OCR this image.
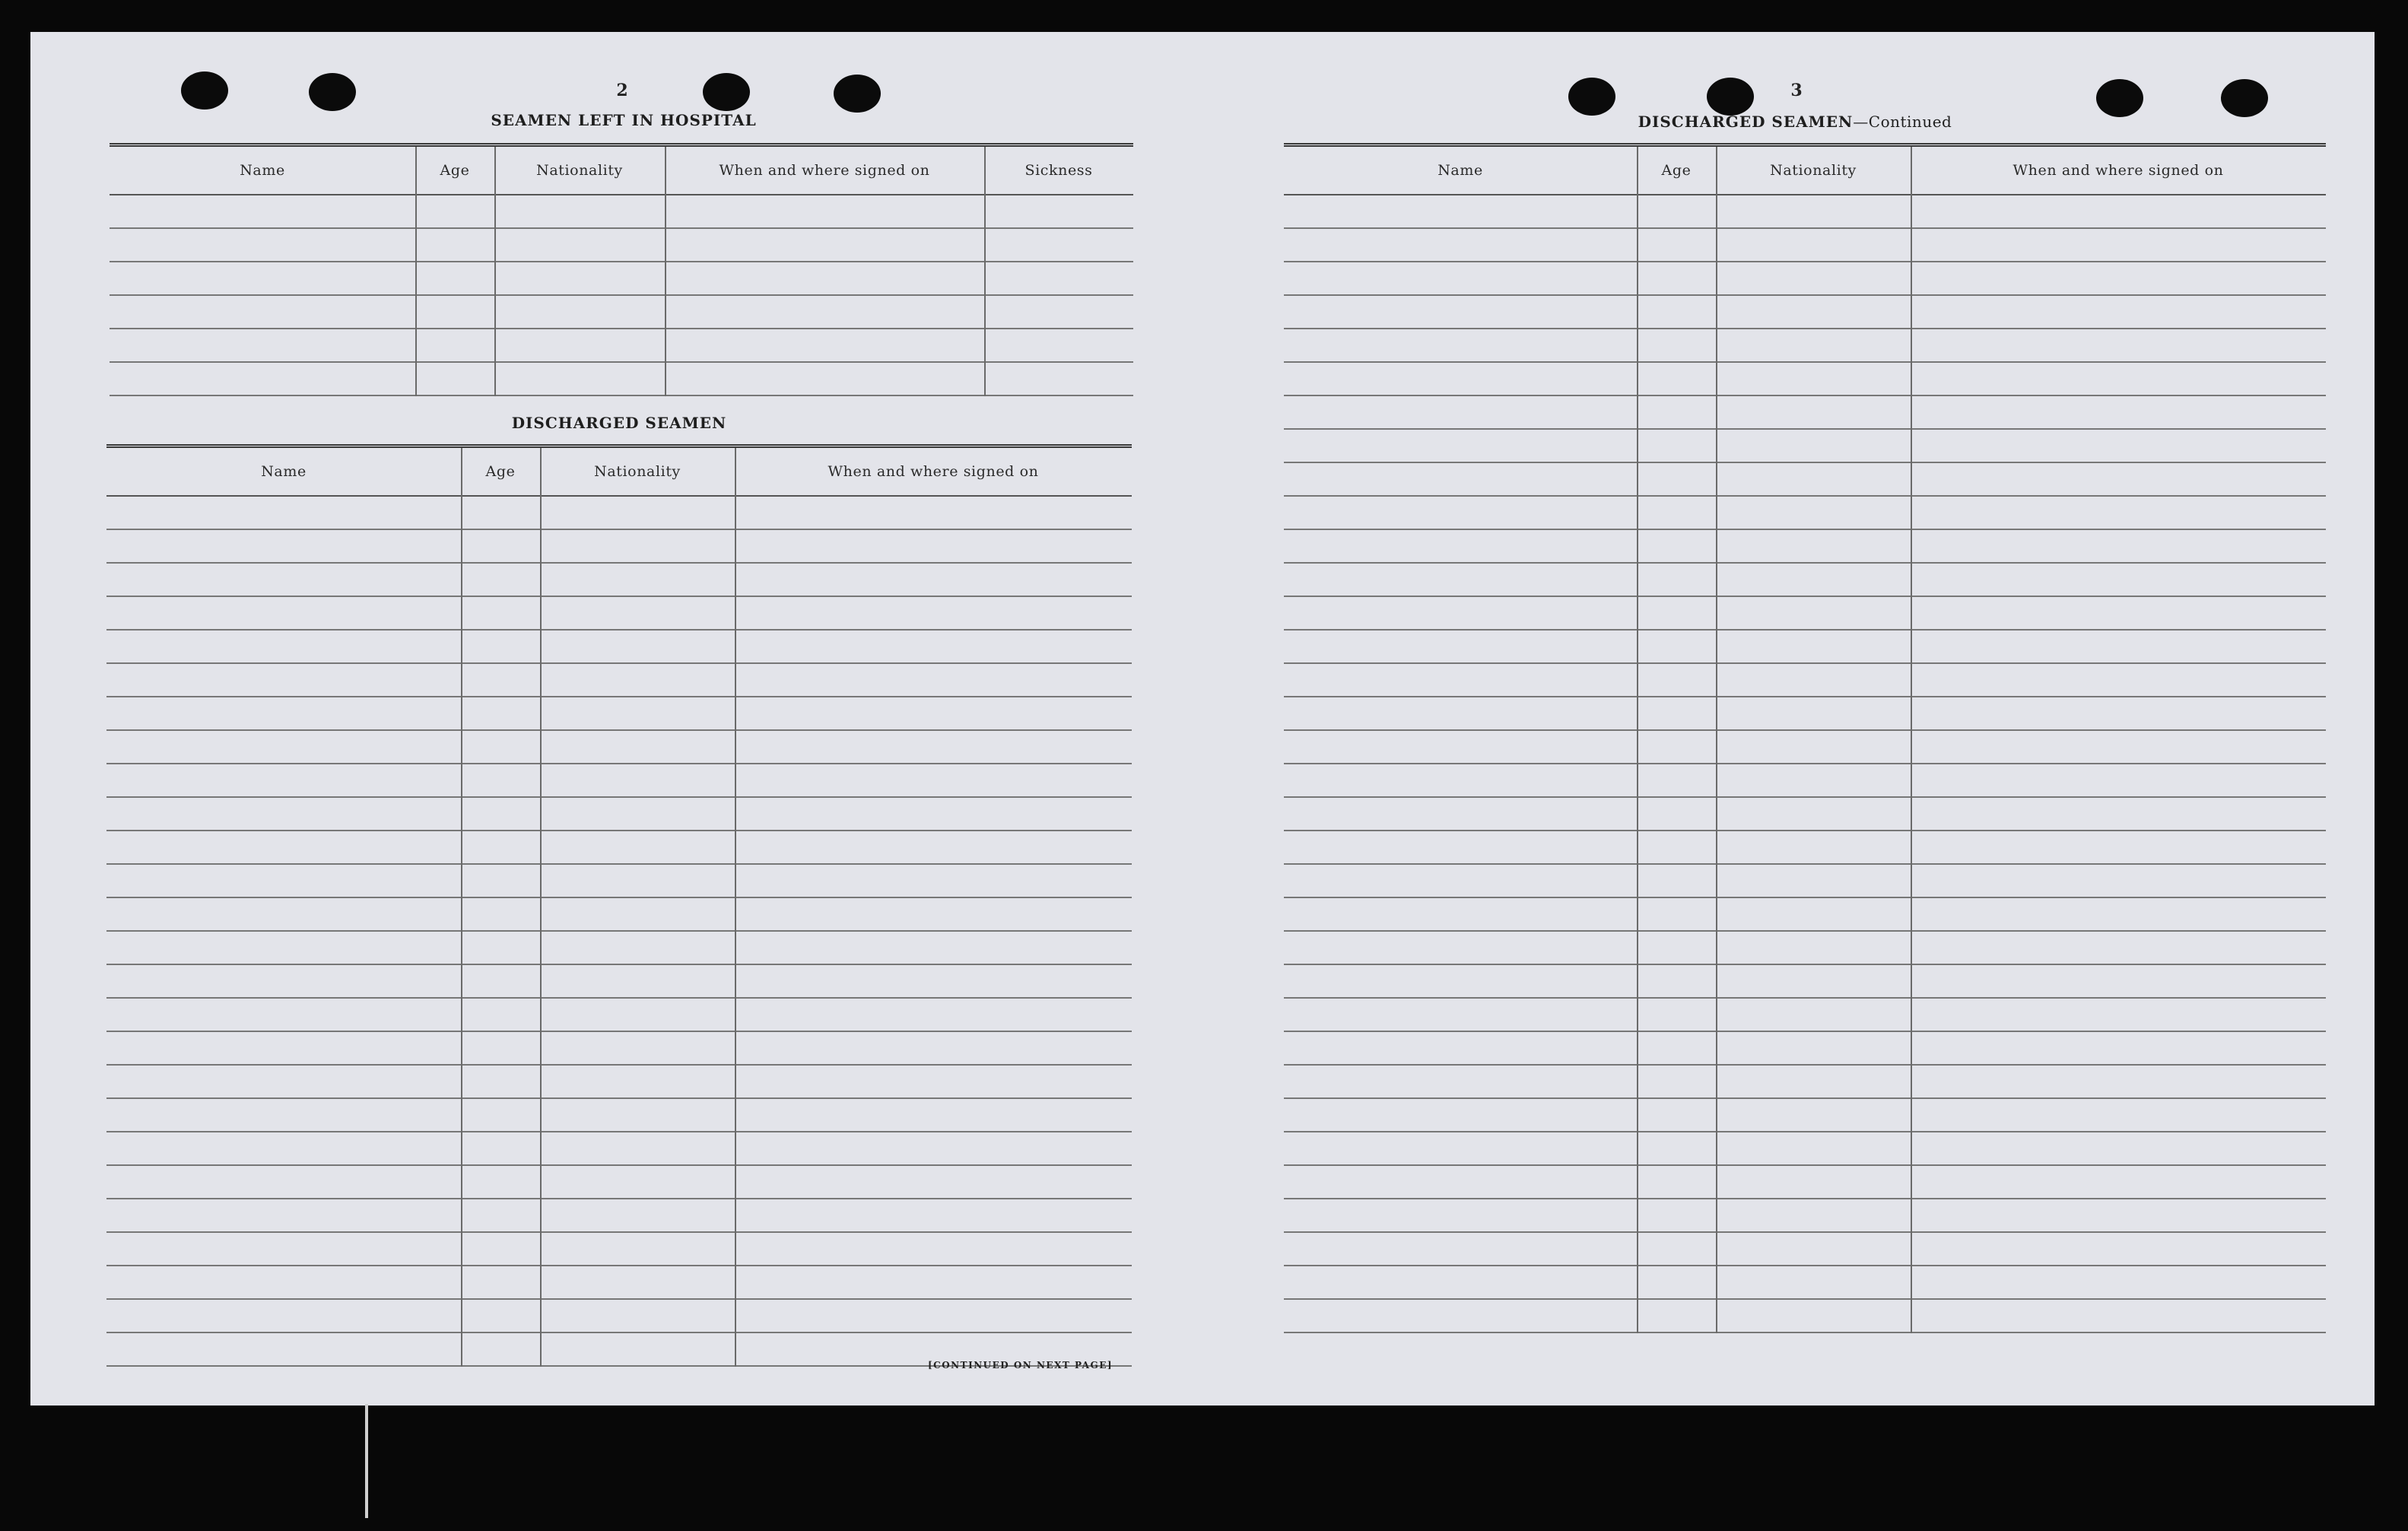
2
SEAMEN LEFT IN HOSPITAL
Name	Age	Nationality	When and where signed on	Sickness
DISCHARGED SEAMEN
Name	Age	Nationality	When and where signed on
[CONTINUED ON NEXT PAGE]
3
DISCHARGED SEAMEN—Continued
Name	Age	Nationality	When and where signed on
